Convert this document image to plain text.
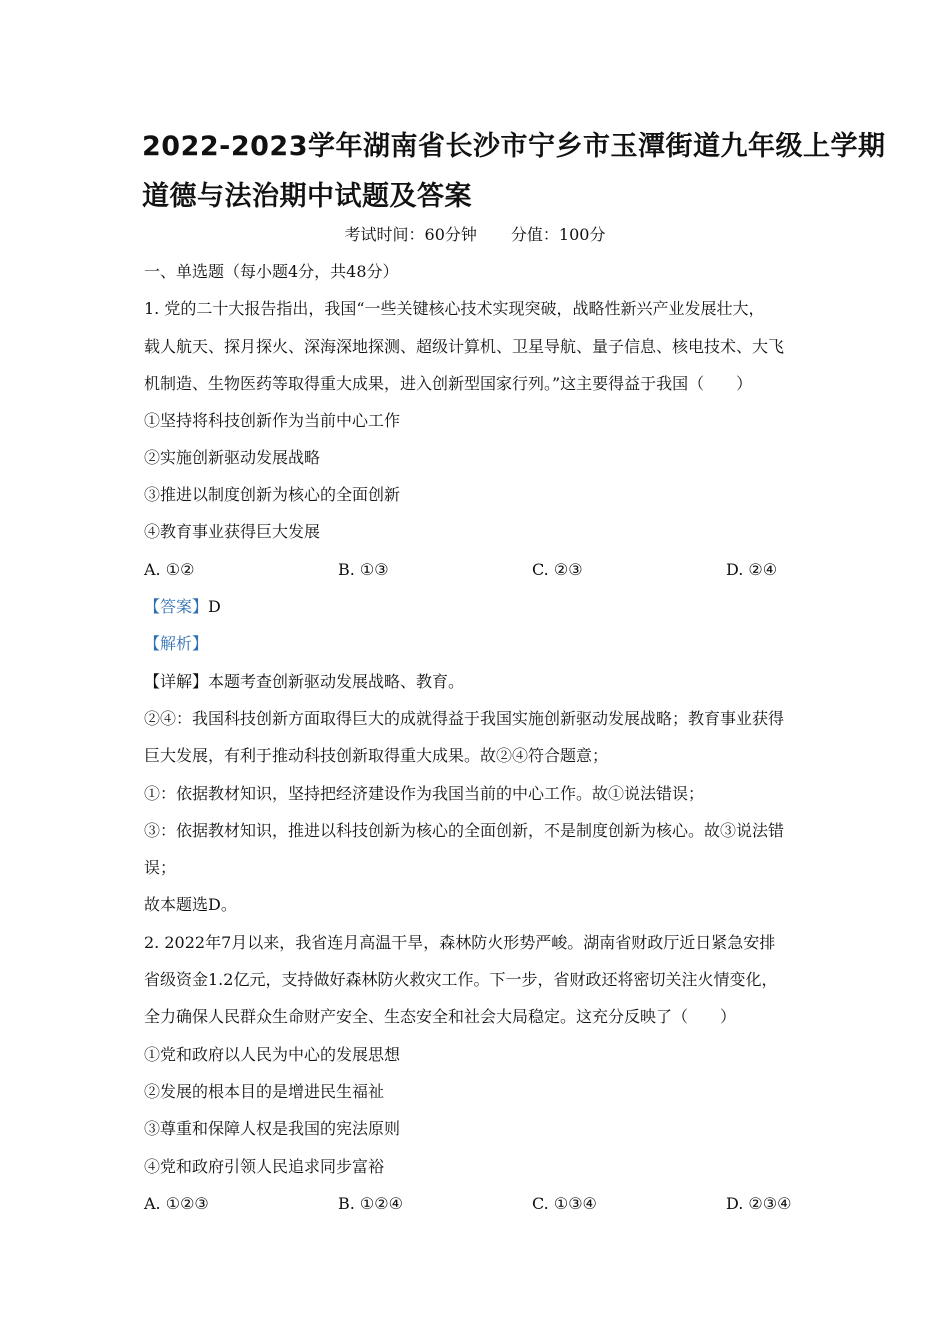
2022-2023学年湖南省长沙市宁乡市玉潭街道九年级上学期
道德与法治期中试题及答案
考试时间：60分钟 分值：100分
一、单选题（每小题4分，共48分）
1. 党的二十大报告指出，我国“一些关键核心技术实现突破，战略性新兴产业发展壮大，
载人航天、探月探火、深海深地探测、超级计算机、卫星导航、量子信息、核电技术、大飞
机制造、生物医药等取得重大成果，进入创新型国家行列。”这主要得益于我国（　　）
①坚持将科技创新作为当前中心工作
②实施创新驱动发展战略
③推进以制度创新为核心的全面创新
④教育事业获得巨大发展
A. ①②	B. ①③	C. ②③	D. ②④
【答案】D
【解析】
【详解】本题考查创新驱动发展战略、教育。
②④：我国科技创新方面取得巨大的成就得益于我国实施创新驱动发展战略；教育事业获得
巨大发展，有利于推动科技创新取得重大成果。故②④符合题意；
①：依据教材知识，坚持把经济建设作为我国当前的中心工作。故①说法错误；
③：依据教材知识，推进以科技创新为核心的全面创新，不是制度创新为核心。故③说法错
误；
故本题选D。
2. 2022年7月以来，我省连月高温干旱，森林防火形势严峻。湖南省财政厅近日紧急安排
省级资金1.2亿元，支持做好森林防火救灾工作。下一步，省财政还将密切关注火情变化，
全力确保人民群众生命财产安全、生态安全和社会大局稳定。这充分反映了（　　）
①党和政府以人民为中心的发展思想
②发展的根本目的是增进民生福祉
③尊重和保障人权是我国的宪法原则
④党和政府引领人民追求同步富裕
A. ①②③	B. ①②④	C. ①③④	D. ②③④
